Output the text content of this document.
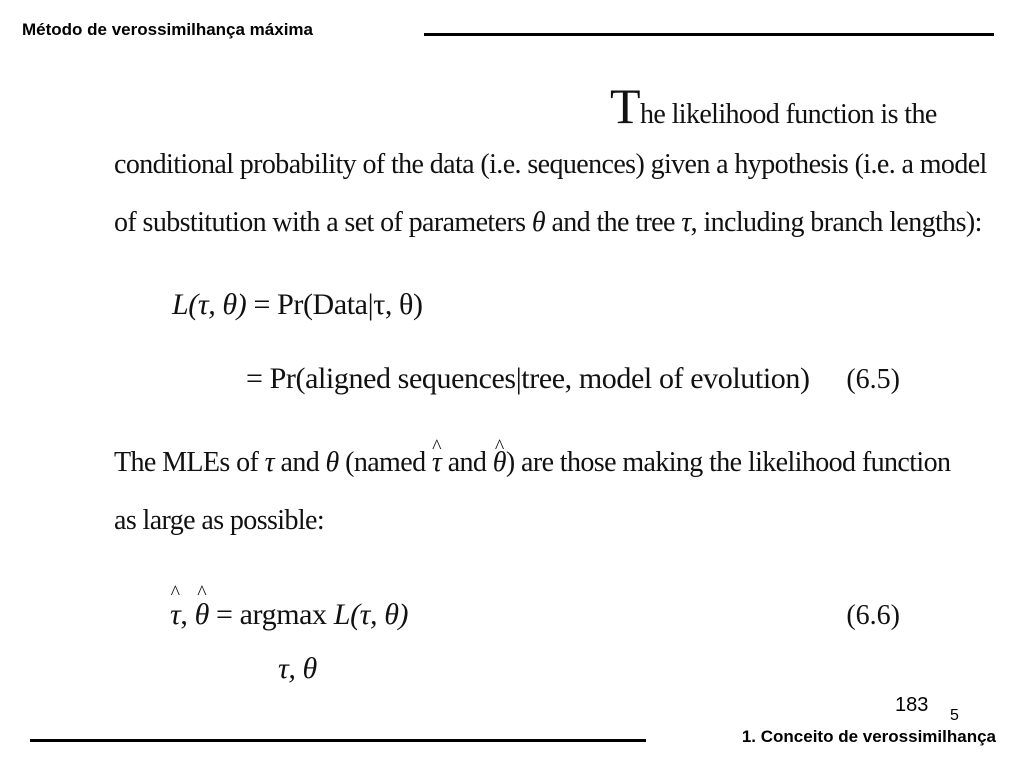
Método de verossimilhança máxima
The likelihood function is the
conditional probability of the data (i.e. sequences) given a hypothesis (i.e. a model
of substitution with a set of parameters θ and the tree τ, including branch lengths):
L(τ, θ) = Pr(Data|τ, θ)
= Pr(aligned sequences|tree, model of evolution) (6.5)
The MLEs of τ and θ (named ^ τ and ^ θ) are those making the likelihood function
as large as possible:
^ τ, ^ θ = argmax L(τ, θ)
τ, θ
(6.6)
183 5
1. Conceito de verossimilhança
